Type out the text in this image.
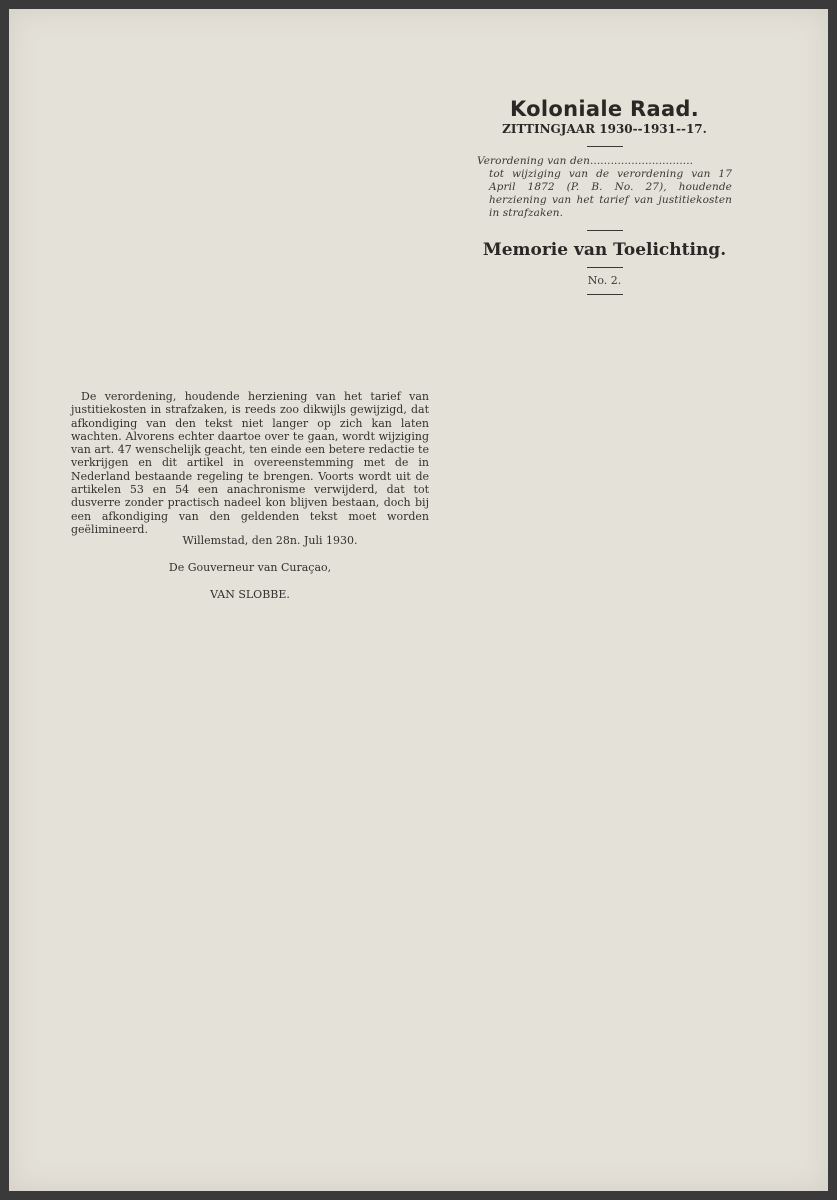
Koloniale Raad.
ZITTINGJAAR 1930--1931--17.
Verordening van den..............................
tot wijziging van de verordening van 17 April 1872 (P. B. No. 27), houdende herziening van het tarief van justitiekosten in strafzaken.
Memorie van Toelichting.
No. 2.

De verordening, houdende herziening van het tarief van justitiekosten in strafzaken, is reeds zoo dikwijls gewijzigd, dat afkondiging van den tekst niet langer op zich kan laten wachten. Alvorens echter daartoe over te gaan, wordt wijziging van art. 47 wenschelijk geacht, ten einde een betere redactie te verkrijgen en dit artikel in overeenstemming met de in Nederland bestaande regeling te brengen. Voorts wordt uit de artikelen 53 en 54 een anachronisme verwijderd, dat tot dusverre zonder practisch nadeel kon blijven bestaan, doch bij een afkondiging van den geldenden tekst moet worden geëlimineerd.

Willemstad, den 28n. Juli 1930.
De Gouverneur van Curaçao,
VAN SLOBBE.
